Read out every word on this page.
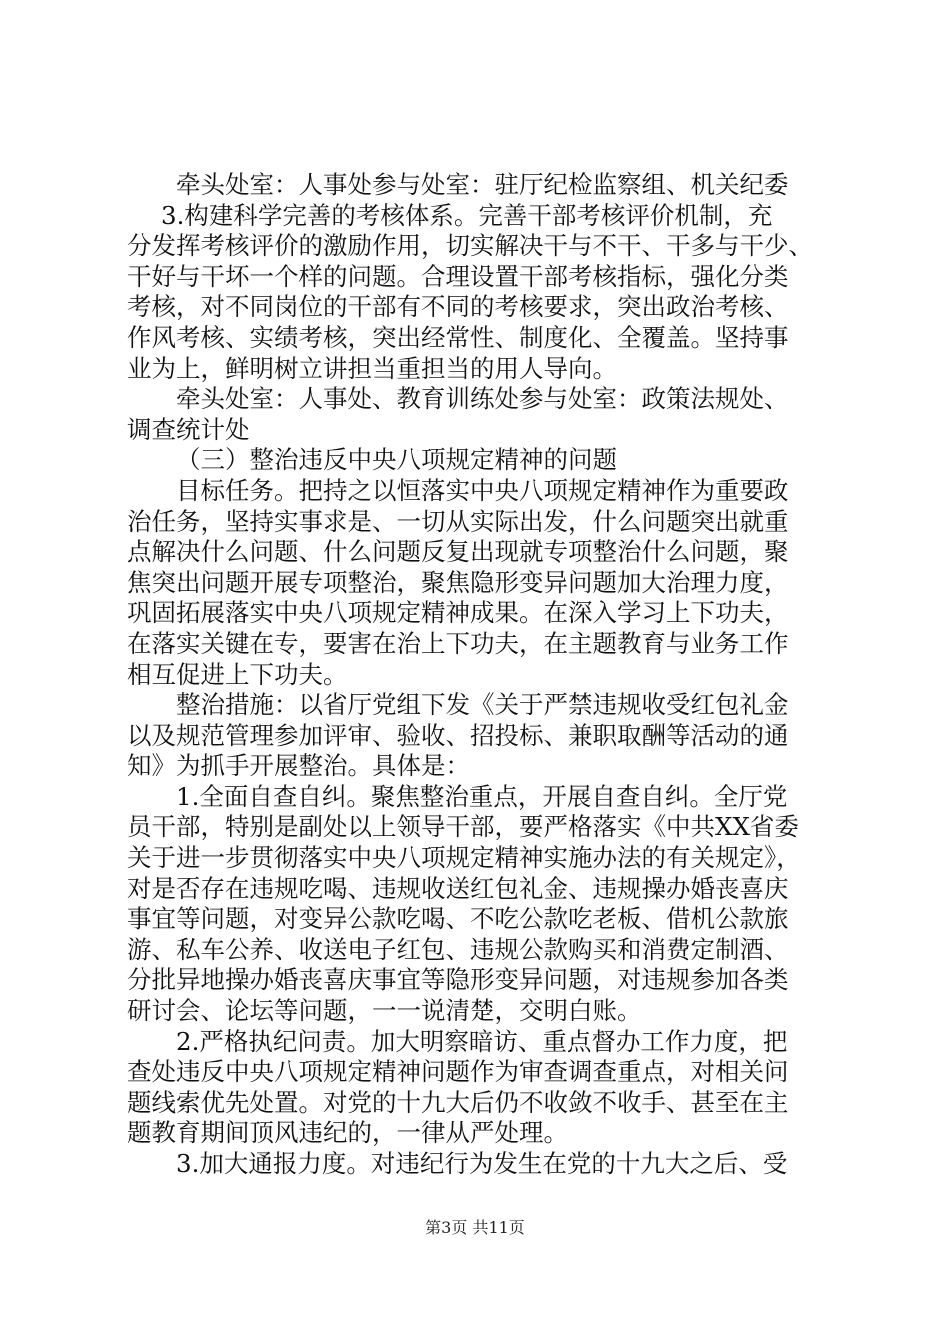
牵头处室：人事处参与处室：驻厅纪检监察组、机关纪委
3.构建科学完善的考核体系。完善干部考核评价机制，充
分发挥考核评价的激励作用，切实解决干与不干、干多与干少、
干好与干坏一个样的问题。合理设置干部考核指标，强化分类
考核，对不同岗位的干部有不同的考核要求，突出政治考核、
作风考核、实绩考核，突出经常性、制度化、全覆盖。坚持事
业为上，鲜明树立讲担当重担当的用人导向。
牵头处室：人事处、教育训练处参与处室：政策法规处、
调查统计处
（三）整治违反中央八项规定精神的问题
目标任务。把持之以恒落实中央八项规定精神作为重要政
治任务，坚持实事求是、一切从实际出发，什么问题突出就重
点解决什么问题、什么问题反复出现就专项整治什么问题，聚
焦突出问题开展专项整治，聚焦隐形变异问题加大治理力度，
巩固拓展落实中央八项规定精神成果。在深入学习上下功夫，
在落实关键在专，要害在治上下功夫，在主题教育与业务工作
相互促进上下功夫。
整治措施：以省厅党组下发《关于严禁违规收受红包礼金
以及规范管理参加评审、验收、招投标、兼职取酬等活动的通
知》为抓手开展整治。具体是：
1.全面自查自纠。聚焦整治重点，开展自查自纠。全厅党
员干部，特别是副处以上领导干部，要严格落实《中共XX省委
关于进一步贯彻落实中央八项规定精神实施办法的有关规定》，
对是否存在违规吃喝、违规收送红包礼金、违规操办婚丧喜庆
事宜等问题，对变异公款吃喝、不吃公款吃老板、借机公款旅
游、私车公养、收送电子红包、违规公款购买和消费定制酒、
分批异地操办婚丧喜庆事宜等隐形变异问题，对违规参加各类
研讨会、论坛等问题，一一说清楚，交明白账。
2.严格执纪问责。加大明察暗访、重点督办工作力度，把
查处违反中央八项规定精神问题作为审查调查重点，对相关问
题线索优先处置。对党的十九大后仍不收敛不收手、甚至在主
题教育期间顶风违纪的，一律从严处理。
3.加大通报力度。对违纪行为发生在党的十九大之后、受
第3页 共11页
